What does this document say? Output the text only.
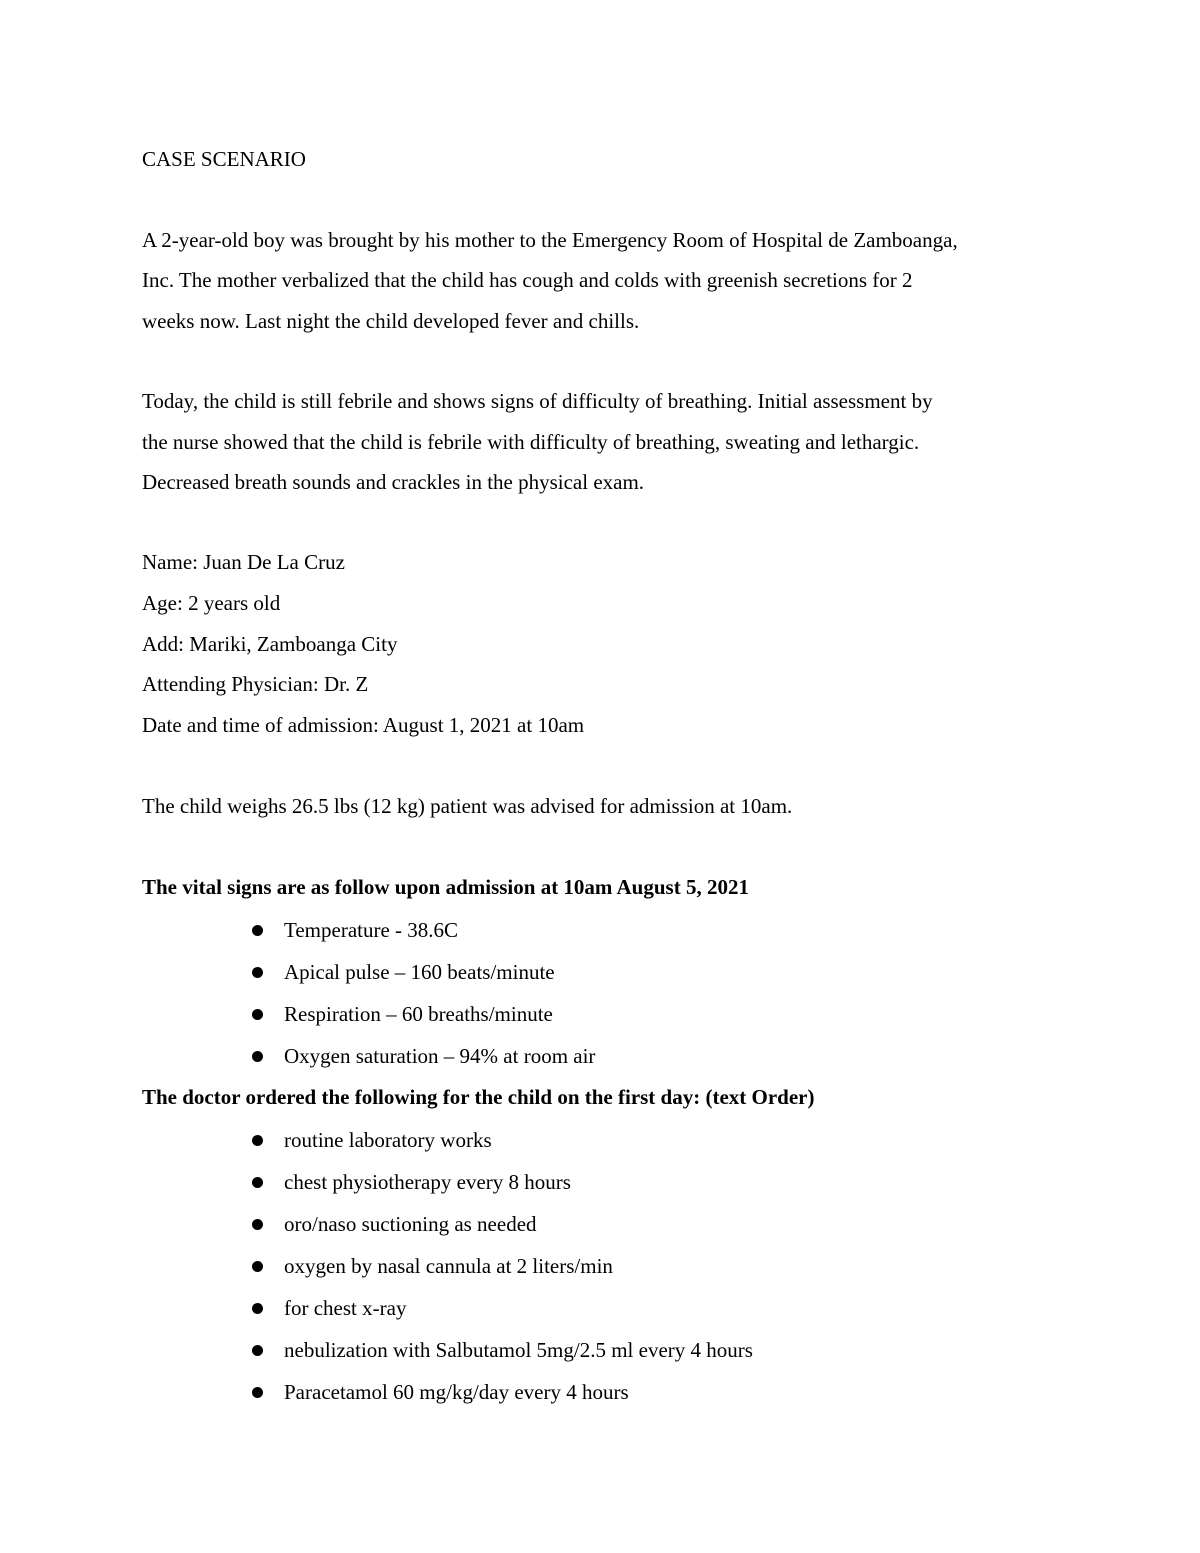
CASE SCENARIO

A 2-year-old boy was brought by his mother to the Emergency Room of Hospital de Zamboanga,

Inc. The mother verbalized that the child has cough and colds with greenish secretions for 2

weeks now. Last night the child developed fever and chills.

Today, the child is still febrile and shows signs of difficulty of breathing. Initial assessment by

the nurse showed that the child is febrile with difficulty of breathing, sweating and lethargic.

Decreased breath sounds and crackles in the physical exam.

Name: Juan De La Cruz

Age: 2 years old

Add: Mariki, Zamboanga City

Attending Physician: Dr. Z

Date and time of admission: August 1, 2021 at 10am

The child weighs 26.5 lbs (12 kg) patient was advised for admission at 10am.

The vital signs are as follow upon admission at 10am August 5, 2021

Temperature - 38.6C
Apical pulse – 160 beats/minute
Respiration – 60 breaths/minute
Oxygen saturation – 94% at room air

The doctor ordered the following for the child on the first day: (text Order)

routine laboratory works
chest physiotherapy every 8 hours
oro/naso suctioning as needed
oxygen by nasal cannula at 2 liters/min
for chest x-ray
nebulization with Salbutamol 5mg/2.5 ml every 4 hours
Paracetamol 60 mg/kg/day every 4 hours
